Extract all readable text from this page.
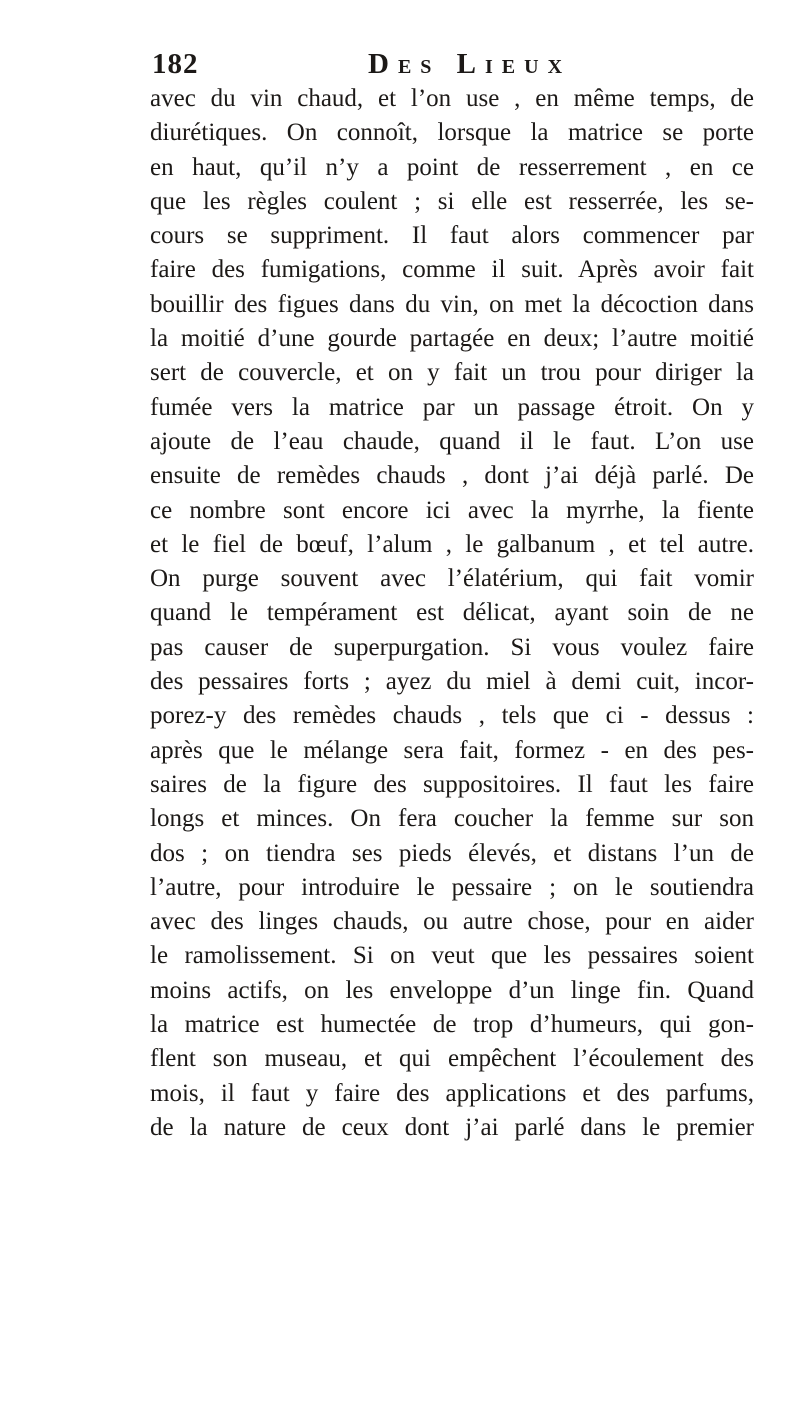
182	Des Lieux
avec du vin chaud, et l’on use , en même temps, de
diurétiques. On connoît, lorsque la matrice se porte
en haut, qu’il n’y a point de resserrement , en ce
que les règles coulent ; si elle est resserrée, les se-
cours se suppriment. Il faut alors commencer par
faire des fumigations, comme il suit. Après avoir fait
bouillir des figues dans du vin, on met la décoction dans
la moitié d’une gourde partagée en deux; l’autre moitié
sert de couvercle, et on y fait un trou pour diriger la
fumée vers la matrice par un passage étroit. On y
ajoute de l’eau chaude, quand il le faut. L’on use
ensuite de remèdes chauds , dont j’ai déjà parlé. De
ce nombre sont encore ici avec la myrrhe, la fiente
et le fiel de bœuf, l’alum , le galbanum , et tel autre.
On purge souvent avec l’élatérium, qui fait vomir
quand le tempérament est délicat, ayant soin de ne
pas causer de superpurgation. Si vous voulez faire
des pessaires forts ; ayez du miel à demi cuit, incor-
porez-y des remèdes chauds , tels que ci - dessus :
après que le mélange sera fait, formez - en des pes-
saires de la figure des suppositoires. Il faut les faire
longs et minces. On fera coucher la femme sur son
dos ; on tiendra ses pieds élevés, et distans l’un de
l’autre, pour introduire le pessaire ; on le soutiendra
avec des linges chauds, ou autre chose, pour en aider
le ramolissement. Si on veut que les pessaires soient
moins actifs, on les enveloppe d’un linge fin. Quand
la matrice est humectée de trop d’humeurs, qui gon-
flent son museau, et qui empêchent l’écoulement des
mois, il faut y faire des applications et des parfums,
de la nature de ceux dont j’ai parlé dans le premier
